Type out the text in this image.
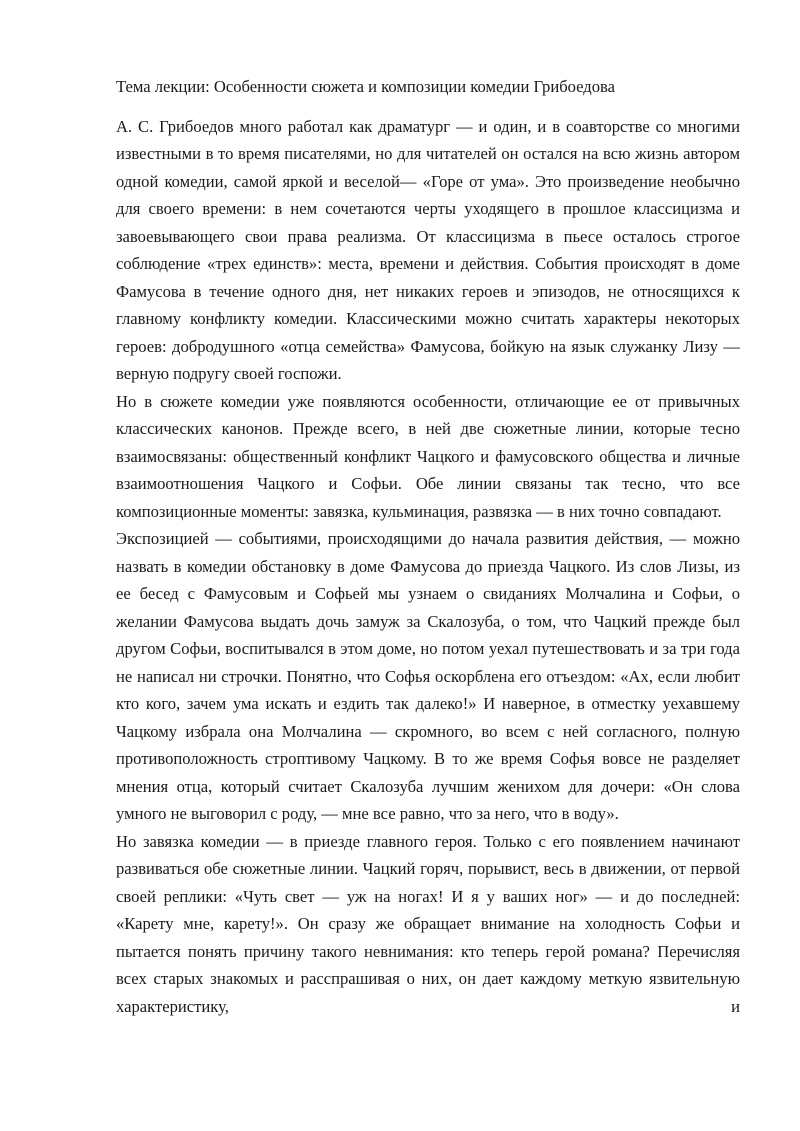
Тема лекции: Особенности сюжета и композиции комедии Грибоедова

А. С. Грибоедов много работал как драматург — и один, и в соавторстве со многими известными в то время писателями, но для читателей он остался на всю жизнь автором одной комедии, самой яркой и веселой— «Горе от ума». Это произведение необычно для своего времени: в нем сочетаются черты уходящего в прошлое классицизма и завоевывающего свои права реализма. От классицизма в пьесе осталось строгое соблюдение «трех единств»: места, времени и действия. События происходят в доме Фамусова в течение одного дня, нет никаких героев и эпизодов, не относящихся к главному конфликту комедии. Классическими можно считать характеры некоторых героев: добродушного «отца семейства» Фамусова, бойкую на язык служанку Лизу — верную подругу своей госпожи.

Но в сюжете комедии уже появляются особенности, отличающие ее от привычных классических канонов. Прежде всего, в ней две сюжетные линии, которые тесно взаимосвязаны: общественный конфликт Чацкого и фамусовского общества и личные взаимоотношения Чацкого и Софьи. Обе линии связаны так тесно, что все композиционные моменты: завязка, кульминация, развязка — в них точно совпадают.

Экспозицией — событиями, происходящими до начала развития действия, — можно назвать в комедии обстановку в доме Фамусова до приезда Чацкого. Из слов Лизы, из ее бесед с Фамусовым и Софьей мы узнаем о свиданиях Молчалина и Софьи, о желании Фамусова выдать дочь замуж за Скалозуба, о том, что Чацкий прежде был другом Софьи, воспитывался в этом доме, но потом уехал путешествовать и за три года не написал ни строчки. Понятно, что Софья оскорблена его отъездом: «Ах, если любит кто кого, зачем ума искать и ездить так далеко!» И наверное, в отместку уехавшему Чацкому избрала она Молчалина — скромного, во всем с ней согласного, полную противоположность строптивому Чацкому. В то же время Софья вовсе не разделяет мнения отца, который считает Скалозуба лучшим женихом для дочери: «Он слова умного не выговорил с роду, — мне все равно, что за него, что в воду».

Но завязка комедии — в приезде главного героя. Только с его появлением начинают развиваться обе сюжетные линии. Чацкий горяч, порывист, весь в движении, от первой своей реплики: «Чуть свет — уж на ногах! И я у ваших ног» — и до последней: «Карету мне, карету!». Он сразу же обращает внимание на холодность Софьи и пытается понять причину такого невнимания: кто теперь герой романа? Перечисляя всех старых знакомых и расспрашивая о них, он дает каждому меткую язвительную характеристику, и
